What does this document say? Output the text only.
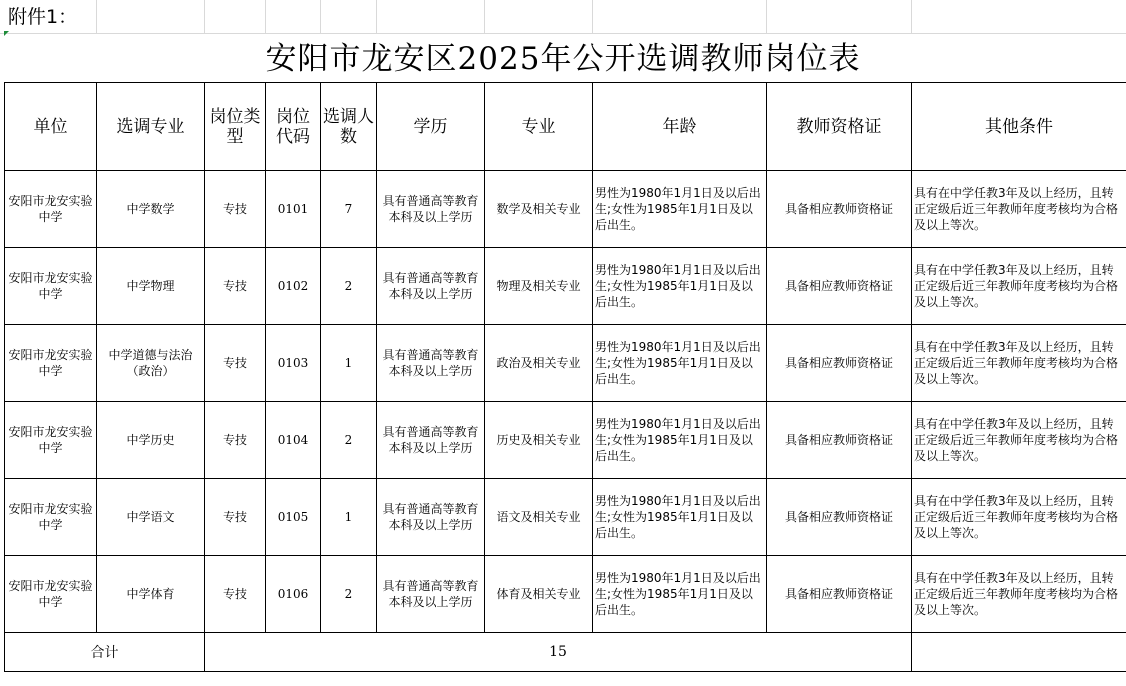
附件1：
安阳市龙安区2025年公开选调教师岗位表
单位	选调专业	岗位类型	岗位代码	选调人数	学历	专业	年龄	教师资格证	其他条件
安阳市龙安实验中学	中学数学	专技	0101	7	具有普通高等教育本科及以上学历	数学及相关专业	男性为1980年1月1日及以后出生;女性为1985年1月1日及以后出生。	具备相应教师资格证	具有在中学任教3年及以上经历，且转正定级后近三年教师年度考核均为合格及以上等次。
安阳市龙安实验中学	中学物理	专技	0102	2	具有普通高等教育本科及以上学历	物理及相关专业	男性为1980年1月1日及以后出生;女性为1985年1月1日及以后出生。	具备相应教师资格证	具有在中学任教3年及以上经历，且转正定级后近三年教师年度考核均为合格及以上等次。
安阳市龙安实验中学	中学道德与法治（政治）	专技	0103	1	具有普通高等教育本科及以上学历	政治及相关专业	男性为1980年1月1日及以后出生;女性为1985年1月1日及以后出生。	具备相应教师资格证	具有在中学任教3年及以上经历，且转正定级后近三年教师年度考核均为合格及以上等次。
安阳市龙安实验中学	中学历史	专技	0104	2	具有普通高等教育本科及以上学历	历史及相关专业	男性为1980年1月1日及以后出生;女性为1985年1月1日及以后出生。	具备相应教师资格证	具有在中学任教3年及以上经历，且转正定级后近三年教师年度考核均为合格及以上等次。
安阳市龙安实验中学	中学语文	专技	0105	1	具有普通高等教育本科及以上学历	语文及相关专业	男性为1980年1月1日及以后出生;女性为1985年1月1日及以后出生。	具备相应教师资格证	具有在中学任教3年及以上经历，且转正定级后近三年教师年度考核均为合格及以上等次。
安阳市龙安实验中学	中学体育	专技	0106	2	具有普通高等教育本科及以上学历	体育及相关专业	男性为1980年1月1日及以后出生;女性为1985年1月1日及以后出生。	具备相应教师资格证	具有在中学任教3年及以上经历，且转正定级后近三年教师年度考核均为合格及以上等次。
合计		15							
